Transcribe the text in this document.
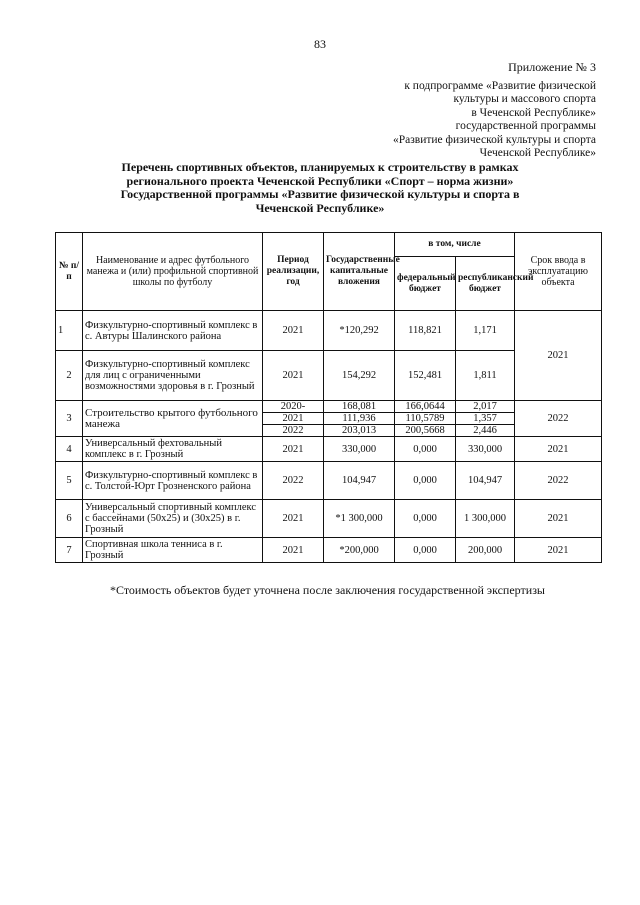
83
Приложение № 3
к подпрограмме «Развитие физической
культуры и массового спорта
в Чеченской Республике»
государственной программы
«Развитие физической культуры и спорта
Чеченской Республике»
Перечень спортивных объектов, планируемых к строительству в рамках
регионального проекта Чеченской Республики «Спорт – норма жизни»
Государственной программы «Развитие физической культуры и спорта в
Чеченской Республике»
№ п/п	Наименование и адрес футбольного манежа и (или) профильной спортивной школы по футболу	Период реализации, год	Государственные капитальные вложения	в том, числе		Срок ввода в эксплуатацию объекта
				федеральный бюджет	республиканский бюджет	
1	Физкультурно-спортивный комплекс в с. Автуры Шалинского района	2021	*120,292	118,821	1,171	2021
2	Физкультурно-спортивный комплекс для лиц с ограниченными возможностями здоровья в г. Грозный	2021	154,292	152,481	1,811	
3	Строительство крытого футбольного манежа	2020-	168,081	166,0644	2,017	2022
		2021	111,936	110,5789	1,357	
		2022	203,013	200,5668	2,446	
4	Универсальный фехтовальный комплекс в г. Грозный	2021	330,000	0,000	330,000	2021
5	Физкультурно-спортивный комплекс в с. Толстой-Юрт Грозненского района	2022	104,947	0,000	104,947	2022
6	Универсальный спортивный комплекс с бассейнами (50x25) и (30x25) в г. Грозный	2021	*1 300,000	0,000	1 300,000	2021
7	Спортивная школа тенниса в г. Грозный	2021	*200,000	0,000	200,000	2021
*Стоимость объектов будет уточнена после заключения государственной экспертизы
